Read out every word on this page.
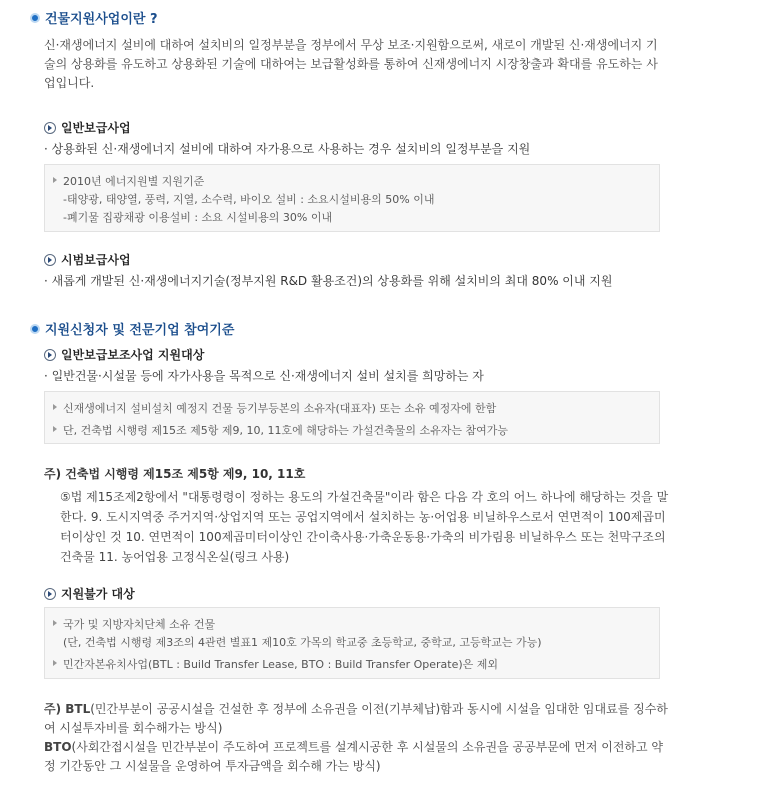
건물지원사업이란 ?
신·재생에너지 설비에 대하여 설치비의 일정부분을 정부에서 무상 보조·지원함으로써, 새로이 개발된 신·재생에너지 기술의 상용화를 유도하고 상용화된 기술에 대하여는 보급활성화를 통하여 신재생에너지 시장창출과 확대를 유도하는 사업입니다.
일반보급사업
· 상용화된 신·재생에너지 설비에 대하여 자가용으로 사용하는 경우 설치비의 일정부분을 지원
2010년 에너지원별 지원기준
-태양광, 태양열, 풍력, 지열, 소수력, 바이오 설비 : 소요시설비용의 50% 이내
-폐기물 집광채광 이용설비 : 소요 시설비용의 30% 이내
시범보급사업
· 새롭게 개발된 신·재생에너지기술(정부지원 R&D 활용조건)의 상용화를 위해 설치비의 최대 80% 이내 지원
지원신청자 및 전문기업 참여기준
일반보급보조사업 지원대상
· 일반건물·시설물 등에 자가사용을 목적으로 신·재생에너지 설비 설치를 희망하는 자
신재생에너지 설비설치 예정지 건물 등기부등본의 소유자(대표자) 또는 소유 예정자에 한함
단, 건축법 시행령 제15조 제5항 제9, 10, 11호에 해당하는 가설건축물의 소유자는 참여가능
주) 건축법 시행령 제15조 제5항 제9, 10, 11호
⑤법 제15조제2항에서 "대통령령이 정하는 용도의 가설건축물"이라 함은 다음 각 호의 어느 하나에 해당하는 것을 말한다. 9. 도시지역중 주거지역·상업지역 또는 공업지역에서 설치하는 농·어업용 비닐하우스로서 연면적이 100제곱미터이상인 것 10. 연면적이 100제곱미터이상인 간이축사용·가축운동용·가축의 비가림용 비닐하우스 또는 천막구조의 건축물 11. 농어업용 고정식온실(링크 사용)
지원불가 대상
국가 및 지방자치단체 소유 건물
(단, 건축법 시행령 제3조의 4관련 별표1 제10호 가목의 학교중 초등학교, 중학교, 고등학교는 가능)
민간자본유치사업(BTL : Build Transfer Lease, BTO : Build Transfer Operate)은 제외
주) BTL(민간부분이 공공시설을 건설한 후 정부에 소유권을 이전(기부체납)함과 동시에 시설을 임대한 임대료를 징수하여 시설투자비를 회수해가는 방식)
BTO(사회간접시설을 민간부분이 주도하여 프로젝트를 설계시공한 후 시설물의 소유권을 공공부문에 먼저 이전하고 약정 기간동안 그 시설물을 운영하여 투자금액을 회수해 가는 방식)
